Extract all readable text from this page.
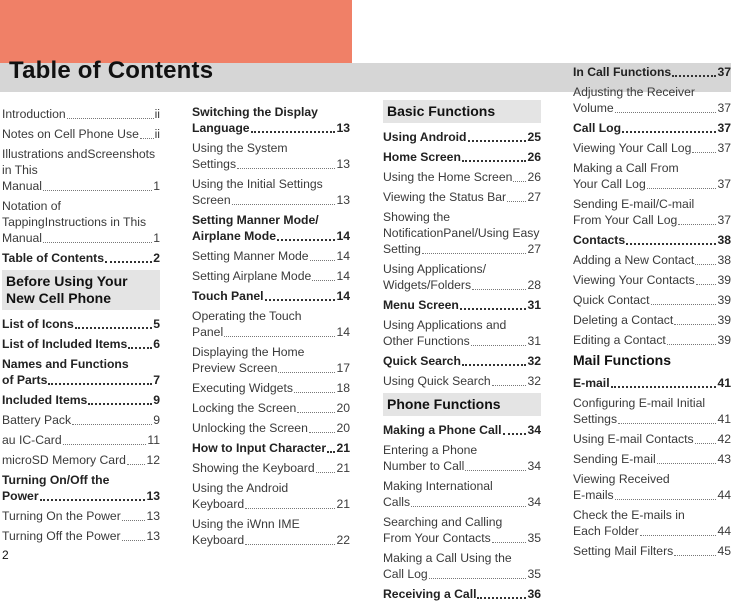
Table of Contents
Introduction	ii
Notes on Cell Phone Use ii
Illustrations andScreenshots in This
Manual	1
Notation of TappingInstructions in This
Manual	1
Table of Contents	2
Before Using Your New Cell Phone
List of Icons	5
List of Included Items 6
Names and Functions
of Parts	7
Included Items	9
Battery Pack	9
au IC-Card	11
microSD Memory Card 12
Turning On/Off the
Power	13
Turning On the Power 13
Turning Off the Power 13
Switching the Display
Language	13
Using the System
Settings	13
Using the Initial Settings
Screen	13
Setting Manner Mode/
Airplane Mode	14
Setting Manner Mode 14
Setting Airplane Mode 14
Touch Panel	14
Operating the Touch
Panel	14
Displaying the Home
Preview Screen	17
Executing Widgets	18
Locking the Screen	20
Unlocking the Screen 20
How to Input Character 21
Showing the Keyboard 21
Using the Android
Keyboard	21
Using the iWnn IME
Keyboard	22
Basic Functions
Using Android	25
Home Screen	26
Using the Home Screen 26
Viewing the Status Bar 27
Showing the NotificationPanel/Using Easy
Setting	27
Using Applications/
Widgets/Folders	28
Menu Screen	31
Using Applications and
Other Functions	31
Quick Search	32
Using Quick Search	32
Phone Functions
Making a Phone Call 34
Entering a Phone
Number to Call	34
Making International
Calls	34
Searching and Calling
From Your Contacts	35
Making a Call Using the
Call Log	35
Receiving a Call	36
In Call Functions	37
Adjusting the Receiver
Volume	37
Call Log	37
Viewing Your Call Log 37
Making a Call From
Your Call Log	37
Sending E-mail/C-mail
From Your Call Log	37
Contacts	38
Adding a New Contact 38
Viewing Your Contacts 39
Quick Contact	39
Deleting a Contact	39
Editing a Contact	39
Mail Functions
E-mail	41
Configuring E-mail Initial
Settings	41
Using E-mail Contacts 42
Sending E-mail	43
Viewing Received
E-mails	44
Check the E-mails in
Each Folder	44
Setting Mail Filters	45
2
